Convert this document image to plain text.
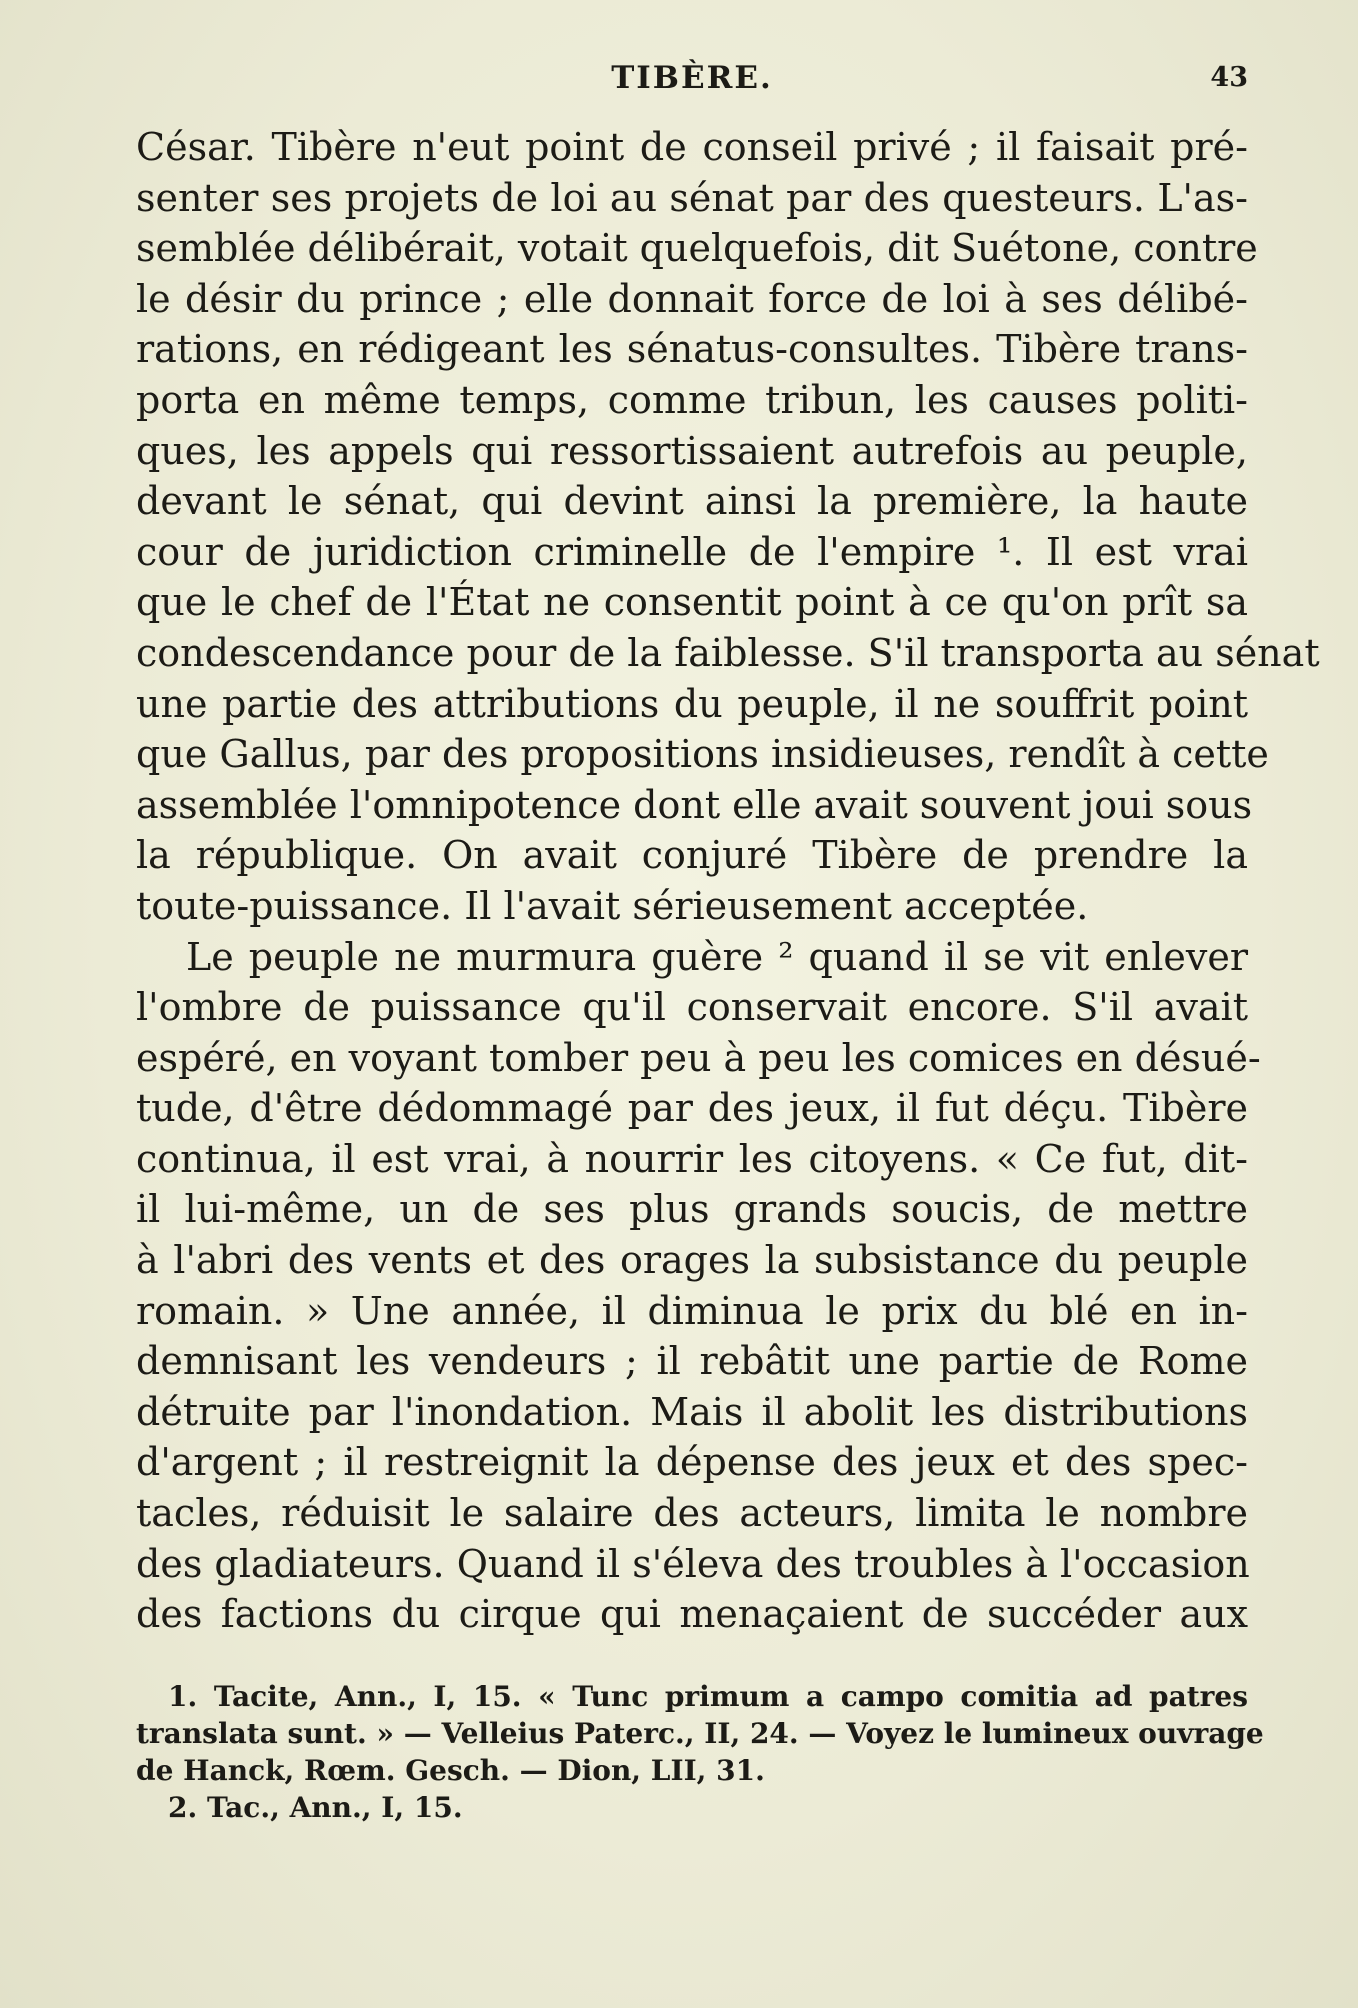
TIBÈRE.	43
César. Tibère n'eut point de conseil privé ; il faisait pré-
senter ses projets de loi au sénat par des questeurs. L'as-
semblée délibérait, votait quelquefois, dit Suétone, contre
le désir du prince ; elle donnait force de loi à ses délibé-
rations, en rédigeant les sénatus-consultes. Tibère trans-
porta en même temps, comme tribun, les causes politi-
ques, les appels qui ressortissaient autrefois au peuple,
devant le sénat, qui devint ainsi la première, la haute
cour de juridiction criminelle de l'empire ¹. Il est vrai
que le chef de l'État ne consentit point à ce qu'on prît sa
condescendance pour de la faiblesse. S'il transporta au sénat
une partie des attributions du peuple, il ne souffrit point
que Gallus, par des propositions insidieuses, rendît à cette
assemblée l'omnipotence dont elle avait souvent joui sous
la république. On avait conjuré Tibère de prendre la
toute-puissance. Il l'avait sérieusement acceptée.
Le peuple ne murmura guère ² quand il se vit enlever
l'ombre de puissance qu'il conservait encore. S'il avait
espéré, en voyant tomber peu à peu les comices en désué-
tude, d'être dédommagé par des jeux, il fut déçu. Tibère
continua, il est vrai, à nourrir les citoyens. « Ce fut, dit-
il lui-même, un de ses plus grands soucis, de mettre
à l'abri des vents et des orages la subsistance du peuple
romain. » Une année, il diminua le prix du blé en in-
demnisant les vendeurs ; il rebâtit une partie de Rome
détruite par l'inondation. Mais il abolit les distributions
d'argent ; il restreignit la dépense des jeux et des spec-
tacles, réduisit le salaire des acteurs, limita le nombre
des gladiateurs. Quand il s'éleva des troubles à l'occasion
des factions du cirque qui menaçaient de succéder aux
1. Tacite, Ann., I, 15. « Tunc primum a campo comitia ad patres
translata sunt. » — Velleius Paterc., II, 24. — Voyez le lumineux ouvrage
de Hanck, Rœm. Gesch. — Dion, LII, 31.
2. Tac., Ann., I, 15.
